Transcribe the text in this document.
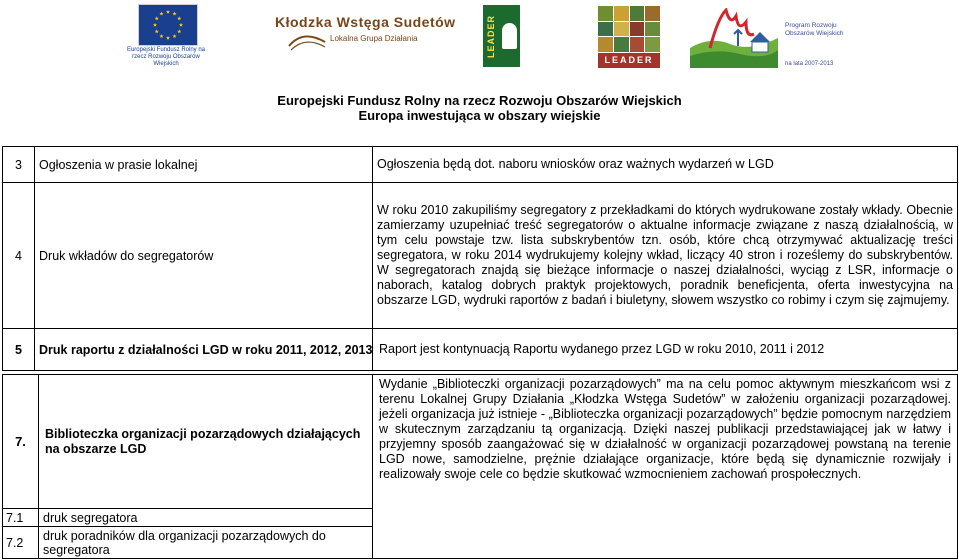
Europejski Fundusz Rolny na rzecz Rozwoju Obszarów Wiejskich
Kłodzka Wstęga Sudetów
Lokalna Grupa Działania	LEADER
LEADER
Program Rozwoju Obszarów Wiejskich
na lata 2007-2013
Europejski Fundusz Rolny na rzecz Rozwoju Obszarów Wiejskich
Europa inwestująca w obszary wiejskie
3	Ogłoszenia w prasie lokalnej	Ogłoszenia będą dot. naboru wniosków oraz ważnych wydarzeń w LGD
4	Druk wkładów do segregatorów	W roku 2010 zakupiliśmy segregatory z przekładkami do których wydrukowane zostały wkłady. Obecnie zamierzamy uzupełniać treść segregatorów o aktualne informacje związane z naszą działalnością, w tym celu powstaje tzw. lista subskrybentów tzn. osób, które chcą otrzymywać aktualizację treści segregatora, w roku 2014 wydrukujemy kolejny wkład, liczący 40 stron i roześlemy do subskrybentów. W segregatorach znajdą się bieżące informacje o naszej działalności, wyciąg z LSR, informacje o naborach, katalog dobrych praktyk projektowych, poradnik beneficjenta, oferta inwestycyjna na obszarze LGD, wydruki raportów z badań i biuletyny, słowem wszystko co robimy i czym się zajmujemy.
5	Druk raportu z działalności LGD w roku 2011, 2012, 2013	Raport jest kontynuacją Raportu wydanego przez LGD w roku 2010, 2011 i 2012
7.	Biblioteczka organizacji pozarządowych działających na obszarze LGD	Wydanie „Biblioteczki organizacji pozarządowych” ma na celu pomoc aktywnym mieszkańcom wsi z terenu Lokalnej Grupy Działania „Kłodzka Wstęga Sudetów” w założeniu organizacji pozarządowej. jeżeli organizacja już istnieje - „Biblioteczka organizacji pozarządowych” będzie pomocnym narzędziem w skutecznym zarządzaniu tą organizacją. Dzięki naszej publikacji przedstawiającej jak w łatwy i przyjemny sposób zaangażować się w działalność w organizacji pozarządowej powstaną na terenie LGD nowe, samodzielne, prężnie działające organizacje, które będą się dynamicznie rozwijały i realizowały swoje cele co będzie skutkować wzmocnieniem zachowań prospołecznych.
7.1	druk segregatora	
7.2	druk poradników dla organizacji pozarządowych do segregatora	
